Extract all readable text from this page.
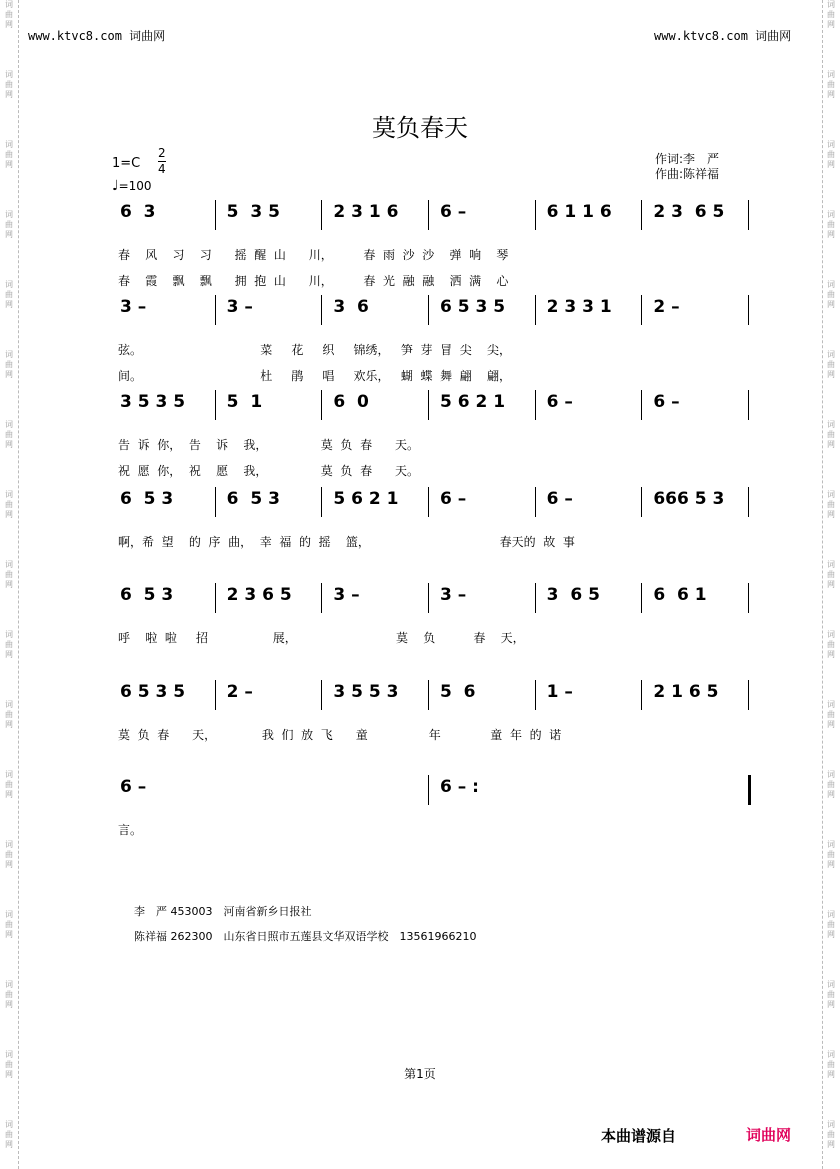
词
曲
网
词
曲
网
词
曲
网
词
曲
网
词
曲
网
词
曲
网
词
曲
网
词
曲
网
词
曲
网
词
曲
网
词
曲
网
词
曲
网
词
曲
网
词
曲
网
词
曲
网
词
曲
网
词
曲
网
词
曲
网
词
曲
网
词
曲
网
词
曲
网
词
曲
网
词
曲
网
词
曲
网
词
曲
网
词
曲
网
词
曲
网
词
曲
网
词
曲
网
词
曲
网
词
曲
网
词
曲
网
词
曲
网
词
曲
网
www.ktvc8.com 词曲网	www.ktvc8.com 词曲网
莫负春天
$1=C \frac{2}{4}$
♩=100
作词:李　严
作曲:陈祥福
6  3	5  3 5	2 3 1 6	6 –	6 1 1 6	2 3  6 5
春    风    习    习      摇  醒  山      川，        春  雨  沙  沙    弹  响    琴
春    霞    飘    飘      拥  抱  山      川，        春  光  融  融    洒  满    心
3 –	3 –	3  6	6 5 3 5	2 3 3 1	2 –
弦。                               菜     花     织     锦绣，   笋  芽  冒  尖    尖，
间。                               杜     鹃     唱     欢乐，   蝴  蝶  舞  翩    翩，
3 5 3 5	5  1	6  0	5 6 2 1	6 –	6 –
告  诉  你，  告    诉    我，              莫  负  春      天。
祝  愿  你，  祝    愿    我，              莫  负  春      天。
6  5 3	6  5 3	5 6 2 1	6 –	6 –	666 5 3
啊，希  望    的  序  曲，  幸  福  的  摇    篮，                                  春天的  故  事
6  5 3	2 3 6 5	3 –	3 –	3  6 5	6  6 1
呼    啦  啦     招                 展，                          莫    负          春    天，
6 5 3 5	2 –	3 5 5 3	5  6	1 –	2 1 6 5
莫  负  春      天，            我  们  放  飞      童                年             童  年  的  诺
6 –	6 – :
言。
李　严 453003　河南省新乡日报社
陈祥福 262300　山东省日照市五莲县文华双语学校　13561966210
第1页
本曲谱源自	词曲网
